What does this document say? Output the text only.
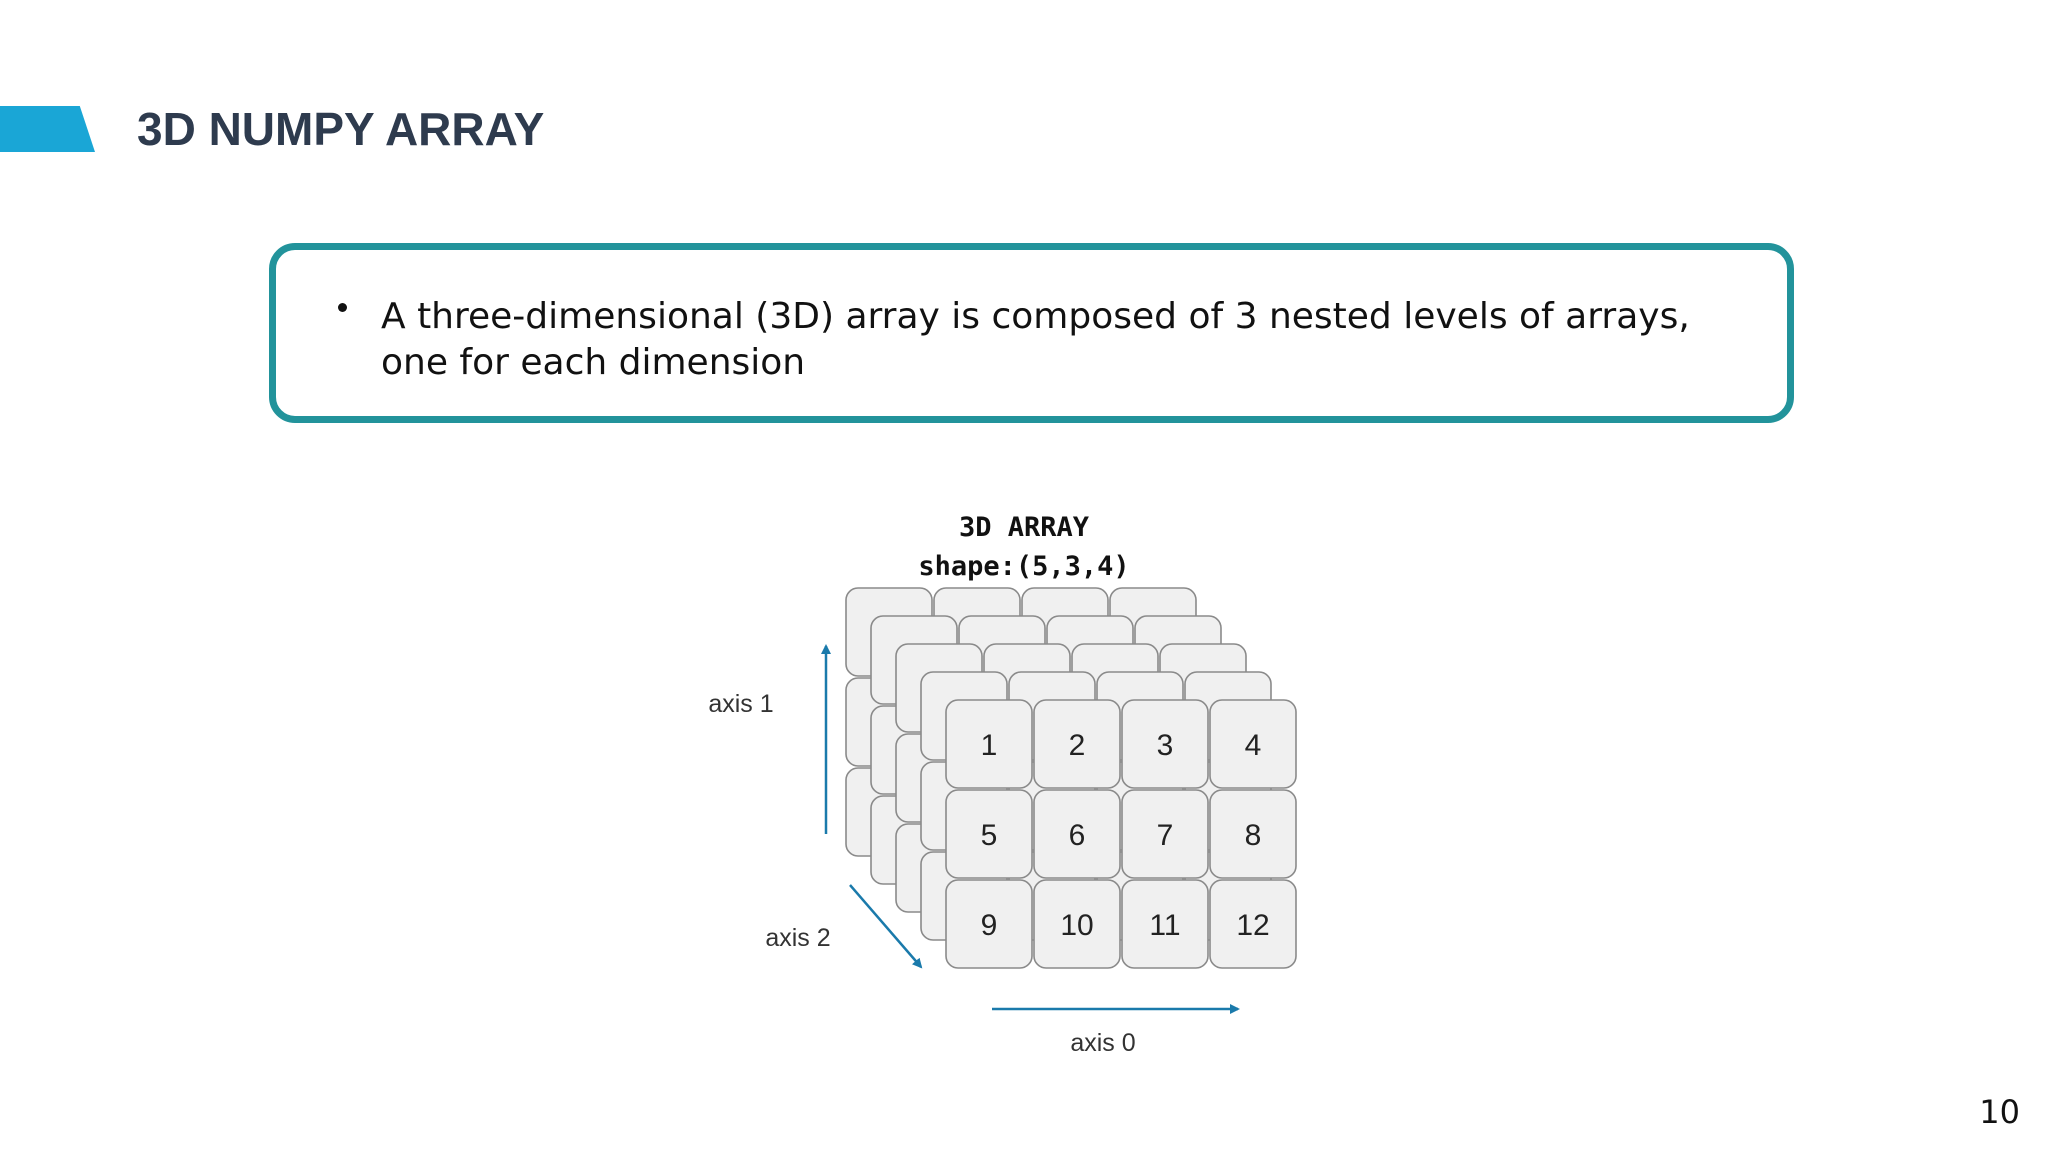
3D NUMPY ARRAY
A three-dimensional (3D) array is composed of 3 nested levels of arrays, one for each dimension
3D ARRAY
shape:(5,3,4)
1 2 3 4
5 6 7 8
9 10 11 12
axis 1
axis 2
axis 0
10
